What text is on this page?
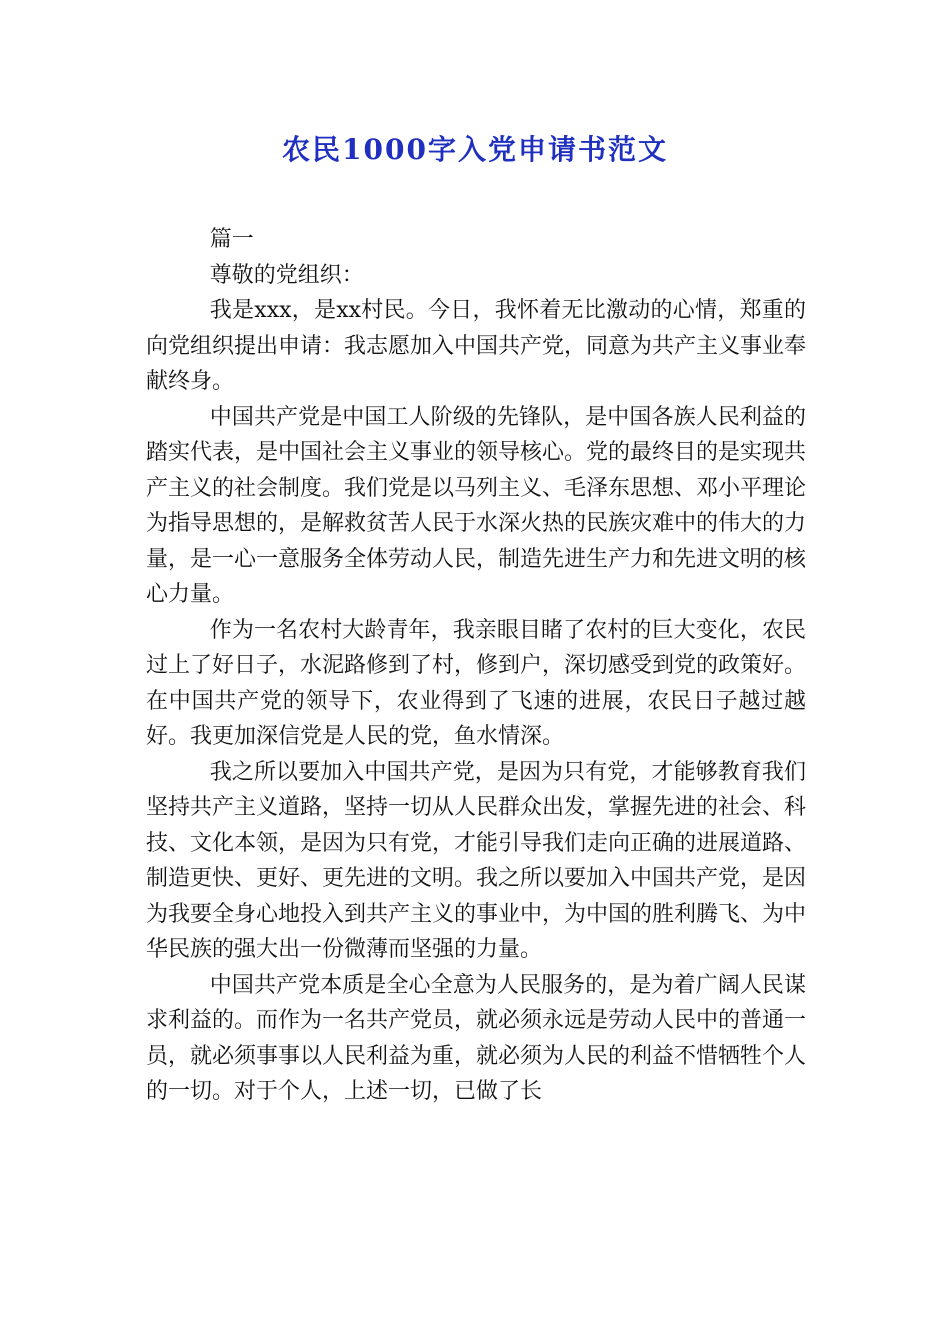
农民1000字入党申请书范文

篇一

尊敬的党组织：

我是xxx，是xx村民。今日，我怀着无比激动的心情，郑重的向党组织提出申请：我志愿加入中国共产党，同意为共产主义事业奉献终身。

中国共产党是中国工人阶级的先锋队，是中国各族人民利益的踏实代表，是中国社会主义事业的领导核心。党的最终目的是实现共产主义的社会制度。我们党是以马列主义、毛泽东思想、邓小平理论为指导思想的，是解救贫苦人民于水深火热的民族灾难中的伟大的力量，是一心一意服务全体劳动人民，制造先进生产力和先进文明的核心力量。

作为一名农村大龄青年，我亲眼目睹了农村的巨大变化，农民过上了好日子，水泥路修到了村，修到户，深切感受到党的政策好。在中国共产党的领导下，农业得到了飞速的进展，农民日子越过越好。我更加深信党是人民的党，鱼水情深。

我之所以要加入中国共产党，是因为只有党，才能够教育我们坚持共产主义道路，坚持一切从人民群众出发，掌握先进的社会、科技、文化本领，是因为只有党，才能引导我们走向正确的进展道路、制造更快、更好、更先进的文明。我之所以要加入中国共产党，是因为我要全身心地投入到共产主义的事业中，为中国的胜利腾飞、为中华民族的强大出一份微薄而坚强的力量。

中国共产党本质是全心全意为人民服务的，是为着广阔人民谋求利益的。而作为一名共产党员，就必须永远是劳动人民中的普通一员，就必须事事以人民利益为重，就必须为人民的利益不惜牺牲个人的一切。对于个人，上述一切，已做了长
